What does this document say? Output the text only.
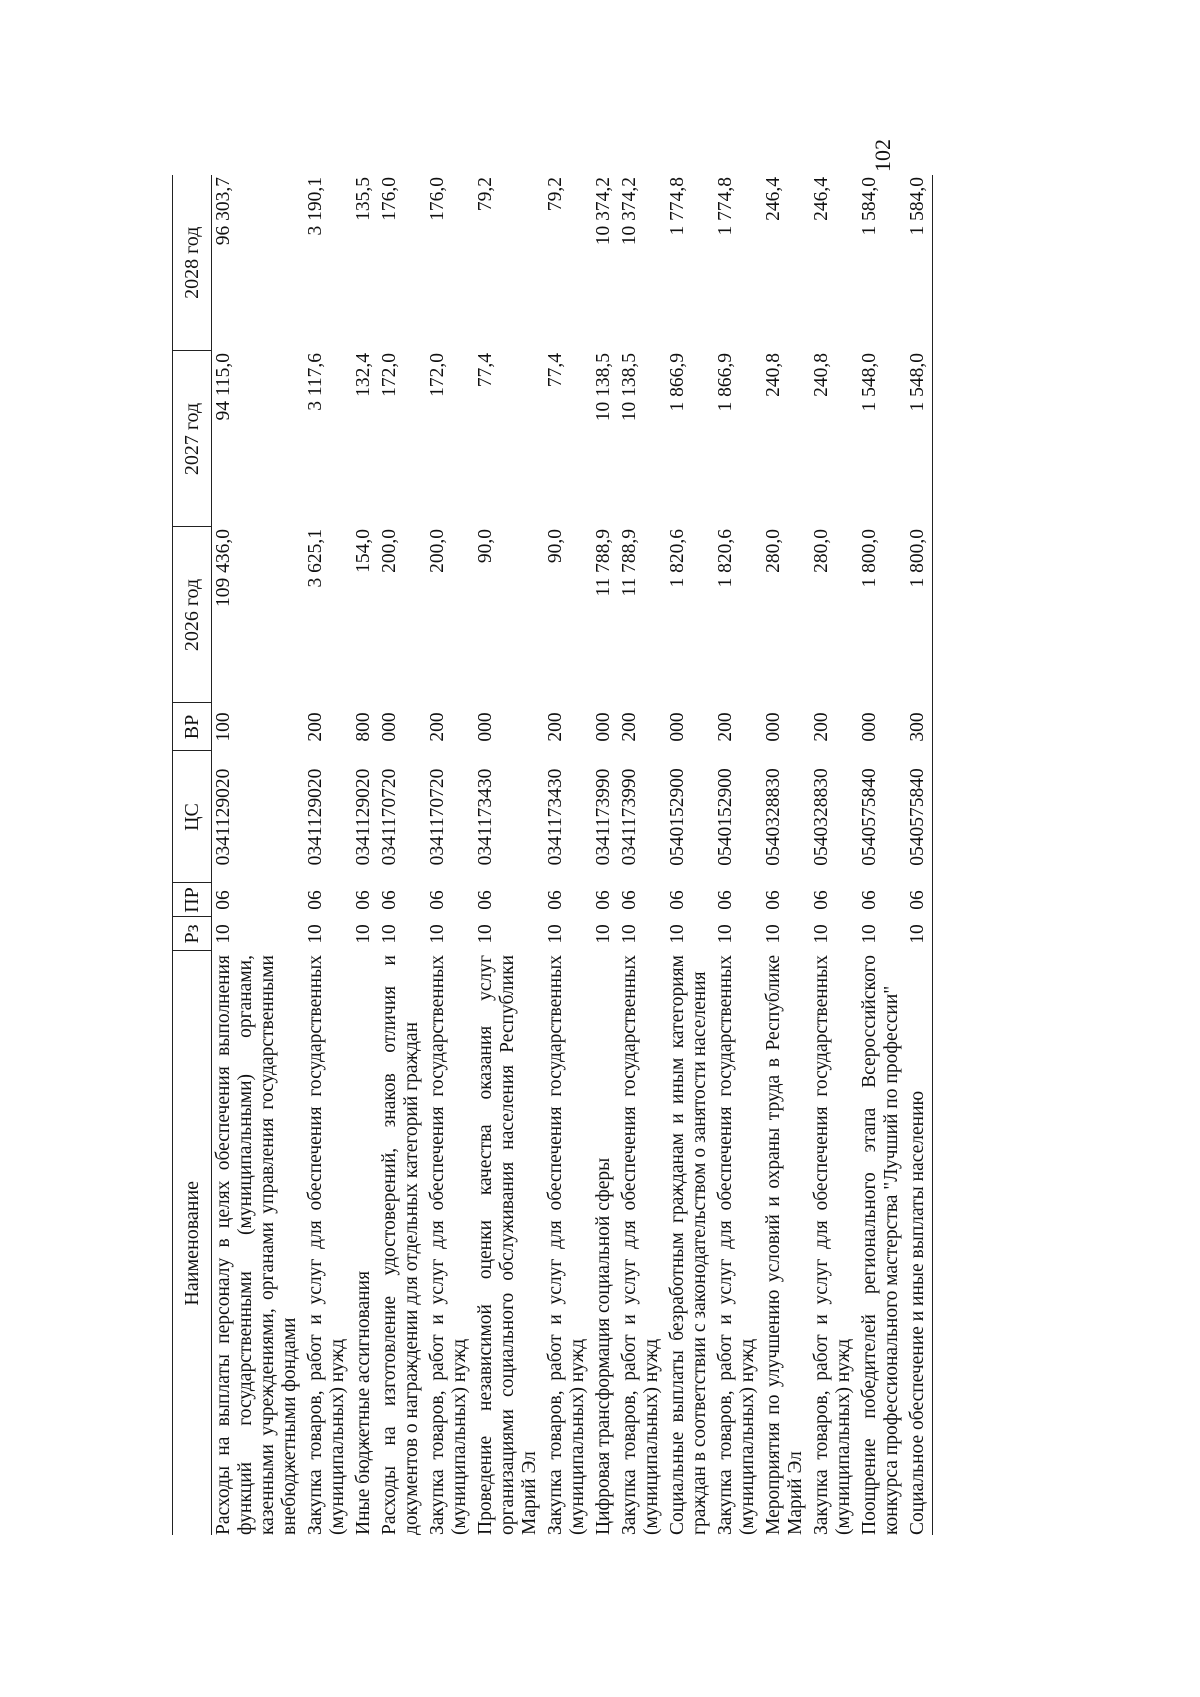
102
Наименование	Рз	ПР	ЦС	ВР	2026 год	2027 год	2028 год
Расходы на выплаты персоналу в целях обеспечения выполнения функций государственными (муниципальными) органами, казенными учреждениями, органами управления государственными внебюджетными фондами	10	06	0341129020	100	109 436,0	94 115,0	96 303,7
Закупка товаров, работ и услуг для обеспечения государственных (муниципальных) нужд	10	06	0341129020	200	3 625,1	3 117,6	3 190,1
Иные бюджетные ассигнования	10	06	0341129020	800	154,0	132,4	135,5
Расходы на изготовление удостоверений, знаков отличия и документов о награждении для отдельных категорий граждан	10	06	0341170720	000	200,0	172,0	176,0
Закупка товаров, работ и услуг для обеспечения государственных (муниципальных) нужд	10	06	0341170720	200	200,0	172,0	176,0
Проведение независимой оценки качества оказания услуг организациями социального обслуживания населения Республики Марий Эл	10	06	0341173430	000	90,0	77,4	79,2
Закупка товаров, работ и услуг для обеспечения государственных (муниципальных) нужд	10	06	0341173430	200	90,0	77,4	79,2
Цифровая трансформация социальной сферы	10	06	0341173990	000	11 788,9	10 138,5	10 374,2
Закупка товаров, работ и услуг для обеспечения государственных (муниципальных) нужд	10	06	0341173990	200	11 788,9	10 138,5	10 374,2
Социальные выплаты безработным гражданам и иным категориям граждан в соответствии с законодательством о занятости населения	10	06	0540152900	000	1 820,6	1 866,9	1 774,8
Закупка товаров, работ и услуг для обеспечения государственных (муниципальных) нужд	10	06	0540152900	200	1 820,6	1 866,9	1 774,8
Мероприятия по улучшению условий и охраны труда в Республике Марий Эл	10	06	0540328830	000	280,0	240,8	246,4
Закупка товаров, работ и услуг для обеспечения государственных (муниципальных) нужд	10	06	0540328830	200	280,0	240,8	246,4
Поощрение победителей регионального этапа Всероссийского конкурса профессионального мастерства "Лучший по профессии"	10	06	0540575840	000	1 800,0	1 548,0	1 584,0
Социальное обеспечение и иные выплаты населению	10	06	0540575840	300	1 800,0	1 548,0	1 584,0
